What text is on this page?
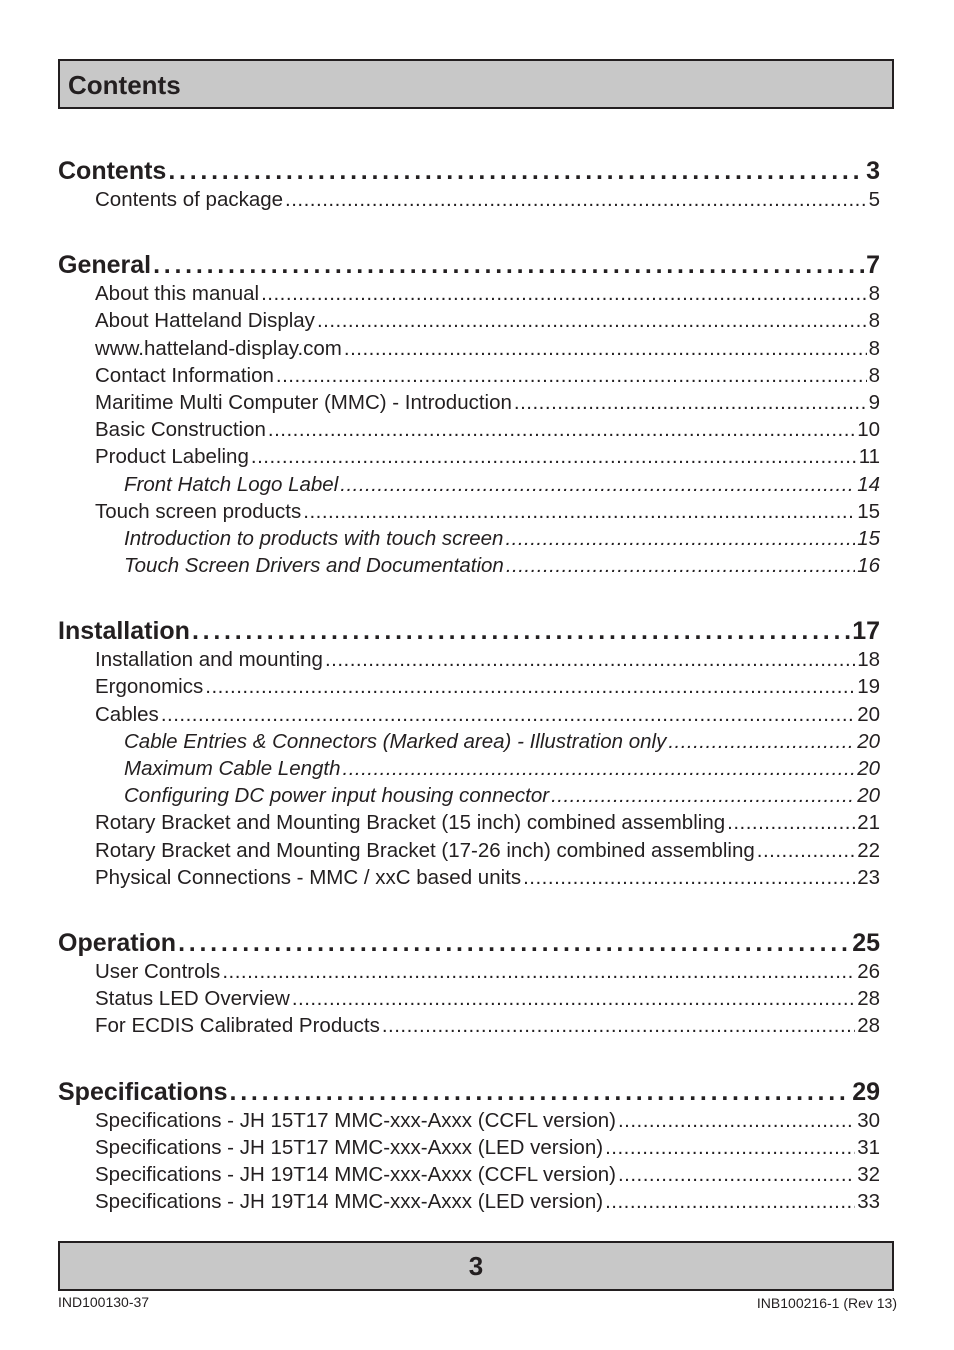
Contents
Contents . . .	3
Contents of package . . .	5
General . . .	7
About this manual . . .	8
About Hatteland Display . . .	8
www.hatteland-display.com . . .	8
Contact Information . . .	8
Maritime Multi Computer (MMC) - Introduction . . .	9
Basic Construction . . .	10
Product Labeling . . .	11
Front Hatch Logo Label . . .	14
Touch screen products . . .	15
Introduction to products with touch screen . . .	15
Touch Screen Drivers and Documentation . . .	16
Installation . . .	17
Installation and mounting . . .	18
Ergonomics . . .	19
Cables . . .	20
Cable Entries & Connectors (Marked area) - Illustration only . . .	20
Maximum Cable Length . . .	20
Configuring DC power input housing connector . . .	20
Rotary Bracket and Mounting Bracket (15 inch) combined assembling . . .	21
Rotary Bracket and Mounting Bracket (17-26 inch) combined assembling . . .	22
Physical Connections - MMC / xxC based units . . .	23
Operation . . .	25
User Controls . . .	26
Status LED Overview . . .	28
For ECDIS Calibrated Products . . .	28
Specifications . . .	29
Specifications - JH 15T17 MMC-xxx-Axxx (CCFL version) . . .	30
Specifications - JH 15T17 MMC-xxx-Axxx (LED version) . . .	31
Specifications - JH 19T14 MMC-xxx-Axxx (CCFL version) . . .	32
Specifications - JH 19T14 MMC-xxx-Axxx (LED version) . . .	33
3
IND100130-37	INB100216-1 (Rev 13)
